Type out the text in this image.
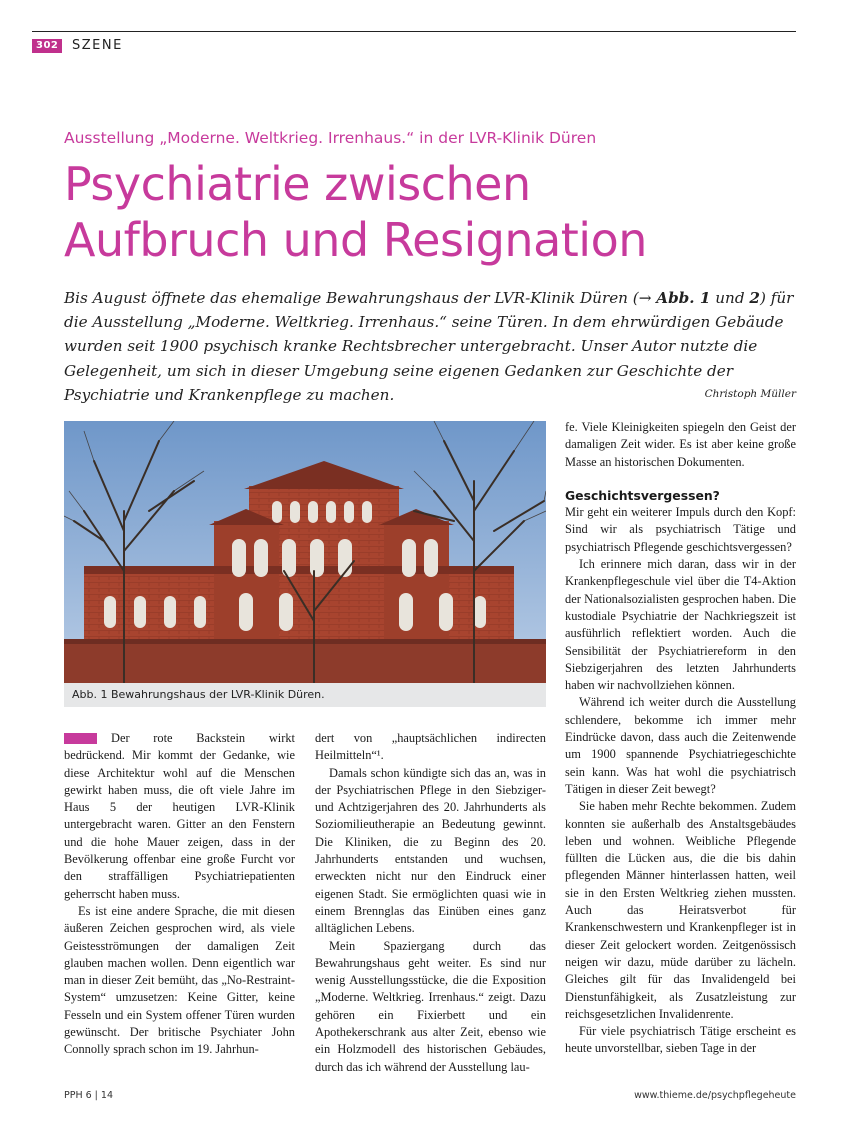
302	SZENE
Ausstellung „Moderne. Weltkrieg. Irrenhaus.“ in der LVR-Klinik Düren
Psychiatrie zwischen
Aufbruch und Resignation
Bis August öffnete das ehemalige Bewahrungshaus der LVR-Klinik Düren (→ Abb. 1 und 2) für die Ausstellung „Moderne. Weltkrieg. Irrenhaus.“ seine Türen. In dem ehrwürdigen Gebäude wurden seit 1900 psychisch kranke Rechtsbrecher untergebracht. Unser Autor nutzte die Gelegenheit, um sich in dieser Umgebung seine eigenen Gedanken zur Geschichte der Psychiatrie und Krankenpflege zu machen.	Christoph Müller
Abb. 1 Bewahrungshaus der LVR-Klinik Düren.

Der rote Backstein wirkt bedrückend. Mir kommt der Gedanke, wie diese Architektur wohl auf die Menschen gewirkt haben muss, die oft viele Jahre im Haus 5 der heutigen LVR-Klinik untergebracht waren. Gitter an den Fenstern und die hohe Mauer zeigen, dass in der Bevölkerung offenbar eine große Furcht vor den straffälligen Psychiatriepatienten geherrscht haben muss.

Es ist eine andere Sprache, die mit diesen äußeren Zeichen gesprochen wird, als viele Geistesströmungen der damaligen Zeit glauben machen wollen. Denn eigentlich war man in dieser Zeit bemüht, das „No-Restraint-System“ umzusetzen: Keine Gitter, keine Fesseln und ein System offener Türen wurden gewünscht. Der britische Psychiater John Connolly sprach schon im 19. Jahrhun-

dert von „hauptsächlichen indirecten Heilmitteln“¹.

Damals schon kündigte sich das an, was in der Psychiatrischen Pflege in den Siebziger- und Achtzigerjahren des 20. Jahrhunderts als Soziomilieutherapie an Bedeutung gewinnt. Die Kliniken, die zu Beginn des 20. Jahrhunderts entstanden und wuchsen, erweckten nicht nur den Eindruck einer eigenen Stadt. Sie ermöglichten quasi wie in einem Brennglas das Einüben eines ganz alltäglichen Lebens.

Mein Spaziergang durch das Bewahrungshaus geht weiter. Es sind nur wenig Ausstellungsstücke, die die Exposition „Moderne. Weltkrieg. Irrenhaus.“ zeigt. Dazu gehören ein Fixierbett und ein Apothekerschrank aus alter Zeit, ebenso wie ein Holzmodell des historischen Gebäudes, durch das ich während der Ausstellung lau-

fe. Viele Kleinigkeiten spiegeln den Geist der damaligen Zeit wider. Es ist aber keine große Masse an historischen Dokumenten.

Geschichtsvergessen?

Mir geht ein weiterer Impuls durch den Kopf: Sind wir als psychiatrisch Tätige und psychiatrisch Pflegende geschichtsvergessen?

Ich erinnere mich daran, dass wir in der Krankenpflegeschule viel über die T4-Aktion der Nationalsozialisten gesprochen haben. Die kustodiale Psychiatrie der Nachkriegszeit ist ausführlich reflektiert worden. Auch die Sensibilität der Psychiatriereform in den Siebzigerjahren des letzten Jahrhunderts haben wir nachvollziehen können.

Während ich weiter durch die Ausstellung schlendere, bekomme ich immer mehr Eindrücke davon, dass auch die Zeitenwende um 1900 spannende Psychiatriegeschichte sein kann. Was hat wohl die psychiatrisch Tätigen in dieser Zeit bewegt?

Sie haben mehr Rechte bekommen. Zudem konnten sie außerhalb des Anstaltsgebäudes leben und wohnen. Weibliche Pflegende füllten die Lücken aus, die die bis dahin pflegenden Männer hinterlassen hatten, weil sie in den Ersten Weltkrieg ziehen mussten. Auch das Heiratsverbot für Krankenschwestern und Krankenpfleger ist in dieser Zeit gelockert worden. Zeitgenössisch neigen wir dazu, müde darüber zu lächeln. Gleiches gilt für das Invalidengeld bei Dienstunfähigkeit, als Zusatzleistung zur reichsgesetzlichen Invalidenrente.

Für viele psychiatrisch Tätige erscheint es heute unvorstellbar, sieben Tage in der

PPH 6 | 14	www.thieme.de/psychpflegeheute
